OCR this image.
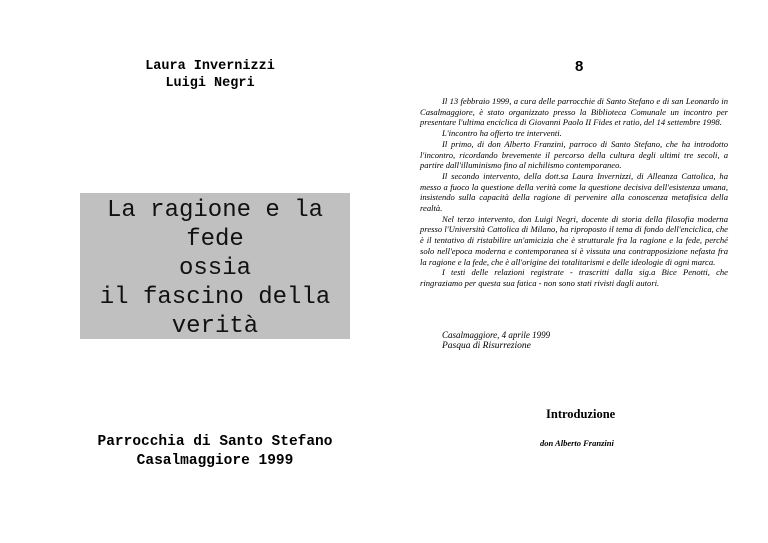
Laura Invernizzi
Luigi Negri
La ragione e la
fede
ossia
il fascino della
verità
Parrocchia di Santo Stefano
Casalmaggiore 1999
8

Il 13 febbraio 1999, a cura delle parrocchie di Santo Stefano e di san Leonardo in Casalmaggiore, è stato organizzato presso la Biblioteca Comunale un incontro per presentare l'ultima enciclica di Giovanni Paolo II Fides et ratio, del 14 settembre 1998.

L'incontro ha offerto tre interventi.

Il primo, di don Alberto Franzini, parroco di Santo Stefano, che ha introdotto l'incontro, ricordando brevemente il percorso della cultura degli ultimi tre secoli, a partire dall'illuminismo fino al nichilismo contemporaneo.

Il secondo intervento, della dott.sa Laura Invernizzi, di Alleanza Cattolica, ha messo a fuoco la questione della verità come la questione decisiva dell'esistenza umana, insistendo sulla capacità della ragione di pervenire alla conoscenza metafisica della realtà.

Nel terzo intervento, don Luigi Negri, docente di storia della filosofia moderna presso l'Università Cattolica di Milano, ha riproposto il tema di fondo dell'enciclica, che è il tentativo di ristabilire un'amicizia che è strutturale fra la ragione e la fede, perché solo nell'epoca moderna e contemporanea si è vissuta una contrapposizione nefasta fra la ragione e la fede, che è all'origine dei totalitarismi e delle ideologie di ogni marca.

I testi delle relazioni registrate - trascritti dalla sig.a Bice Penotti, che ringraziamo per questa sua fatica - non sono stati rivisti dagli autori.

Casalmaggiore, 4 aprile 1999
Pasqua di Risurrezione
Introduzione
don Alberto Franzini
